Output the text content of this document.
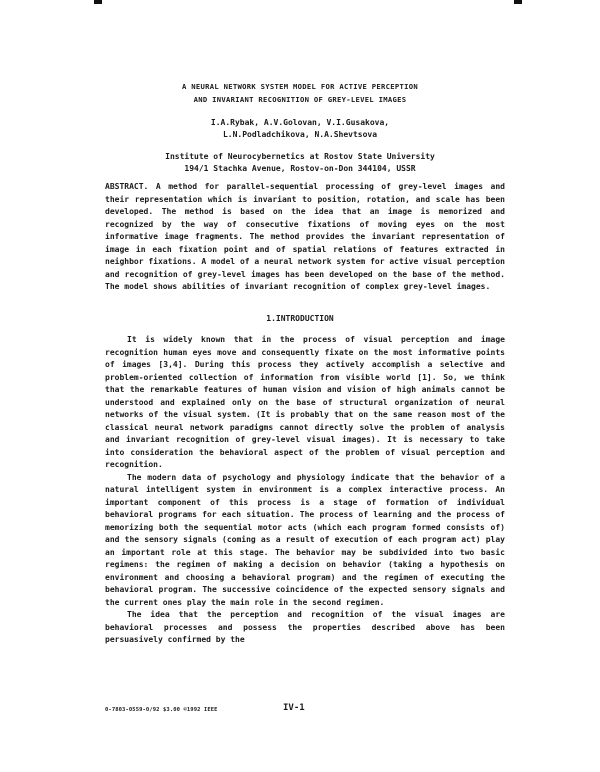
A NEURAL NETWORK SYSTEM MODEL FOR ACTIVE PERCEPTION
AND INVARIANT RECOGNITION OF GREY-LEVEL IMAGES
I.A.Rybak, A.V.Golovan, V.I.Gusakova,
L.N.Podladchikova, N.A.Shevtsova
Institute of Neurocybernetics at Rostov State University
194/1 Stachka Avenue, Rostov-on-Don 344104, USSR

ABSTRACT. A method for parallel-sequential processing of grey-level images and their representation which is invariant to position, rotation, and scale has been developed. The method is based on the idea that an image is memorized and recognized by the way of consecutive fixations of moving eyes on the most informative image fragments. The method provides the invariant representation of image in each fixation point and of spatial relations of features extracted in neighbor fixations. A model of a neural network system for active visual perception and recognition of grey-level images has been developed on the base of the method. The model shows abilities of invariant recognition of complex grey-level images.

1.INTRODUCTION

It is widely known that in the process of visual perception and image recognition human eyes move and consequently fixate on the most informative points of images [3,4]. During this process they actively accomplish a selective and problem-oriented collection of information from visible world [1]. So, we think that the remarkable features of human vision and vision of high animals cannot be understood and explained only on the base of structural organization of neural networks of the visual system. (It is probably that on the same reason most of the classical neural network paradigms cannot directly solve the problem of analysis and invariant recognition of grey-level visual images). It is necessary to take into consideration the behavioral aspect of the problem of visual perception and recognition.

The modern data of psychology and physiology indicate that the behavior of a natural intelligent system in environment is a complex interactive process. An important component of this process is a stage of formation of individual behavioral programs for each situation. The process of learning and the process of memorizing both the sequential motor acts (which each program formed consists of) and the sensory signals (coming as a result of execution of each program act) play an important role at this stage. The behavior may be subdivided into two basic regimens: the regimen of making a decision on behavior (taking a hypothesis on environment and choosing a behavioral program) and the regimen of executing the behavioral program. The successive coincidence of the expected sensory signals and the current ones play the main role in the second regimen.

The idea that the perception and recognition of the visual images are behavioral processes and possess the properties described above has been persuasively confirmed by the

0-7803-0559-0/92 $3.00 ©1992 IEEE	IV-1
